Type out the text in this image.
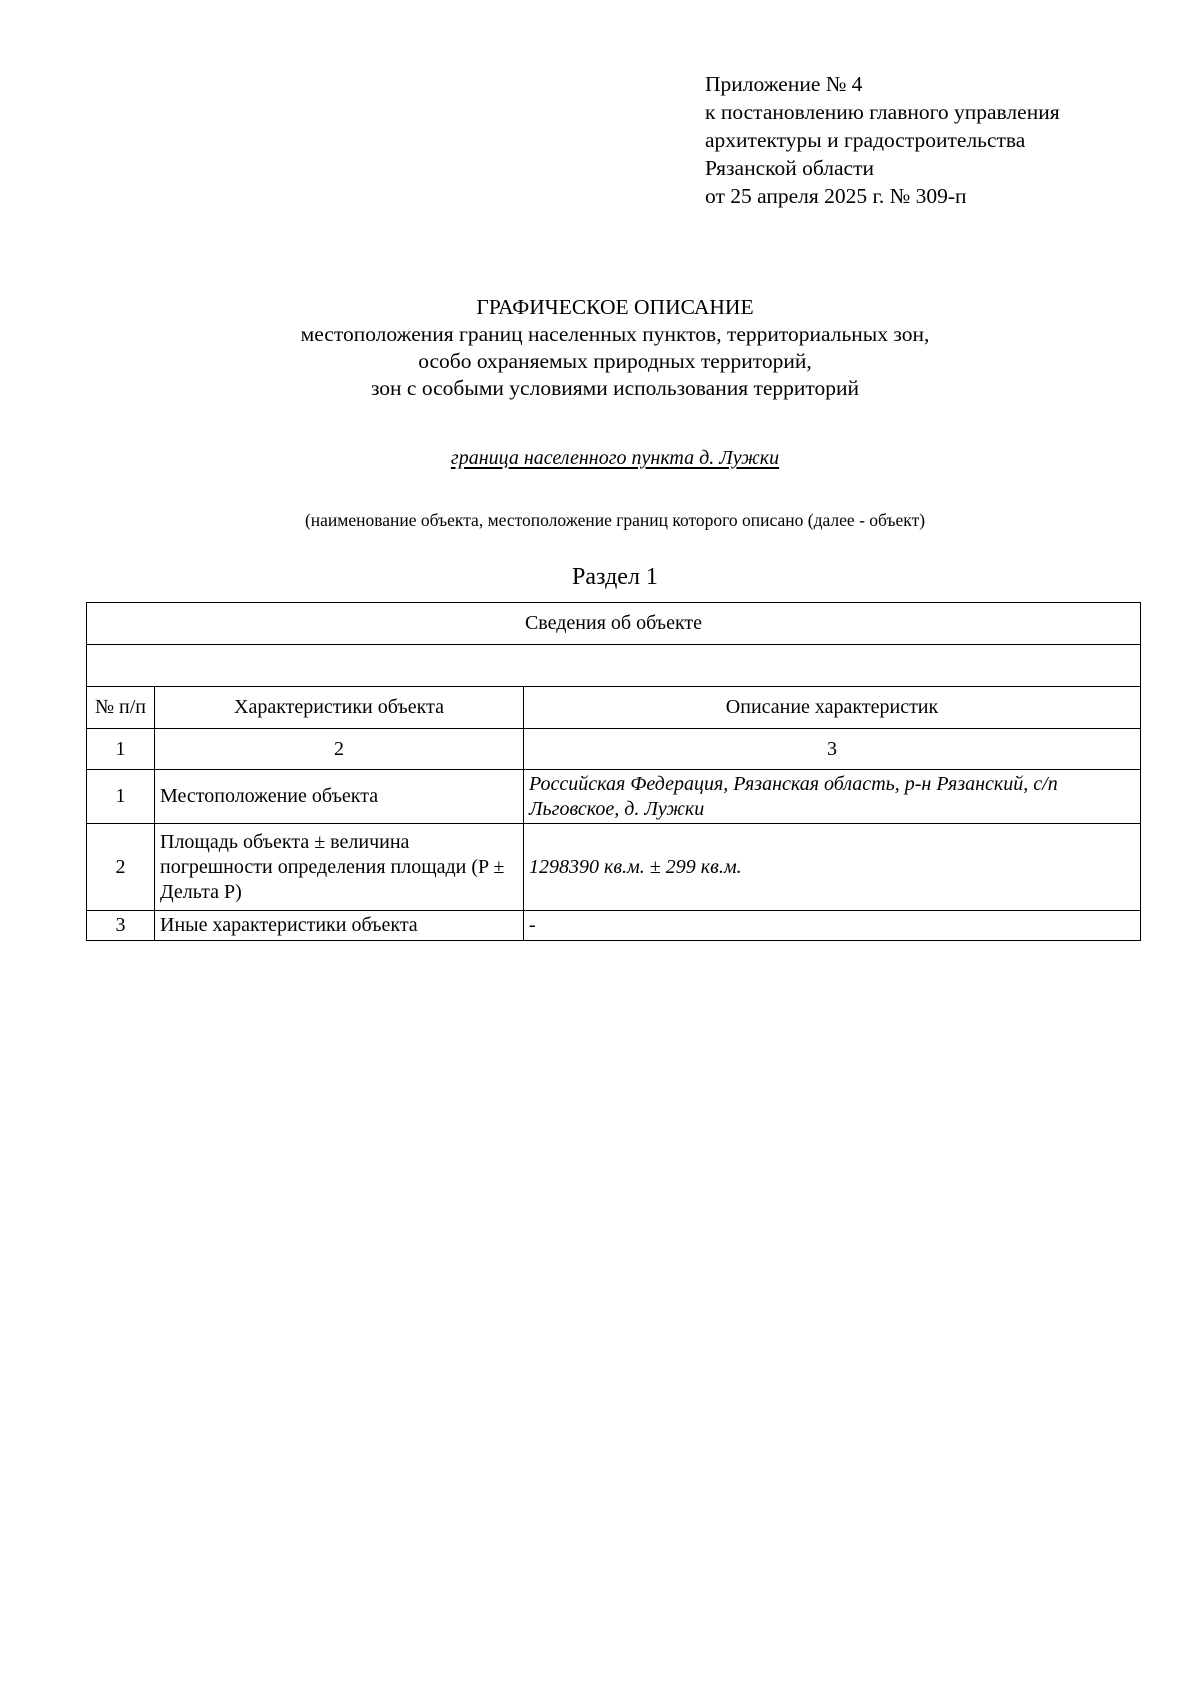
Приложение № 4
к постановлению главного управления
архитектуры и градостроительства
Рязанской области
от 25 апреля 2025 г. № 309-п
ГРАФИЧЕСКОЕ ОПИСАНИЕ
местоположения границ населенных пунктов, территориальных зон,
особо охраняемых природных территорий,
зон с особыми условиями использования территорий
граница населенного пункта д. Лужки
(наименование объекта, местоположение границ которого описано (далее - объект)
Раздел 1
Сведения об объекте		

№ п/п	Характеристики объекта	Описание характеристик
1	2	3
1	Местоположение объекта	Российская Федерация, Рязанская область, р-н Рязанский, с/п Льговское, д. Лужки
2	Площадь объекта ± величина погрешности определения площади (P ± Дельта P)	1298390 кв.м. ± 299 кв.м.
3	Иные характеристики объекта	-
